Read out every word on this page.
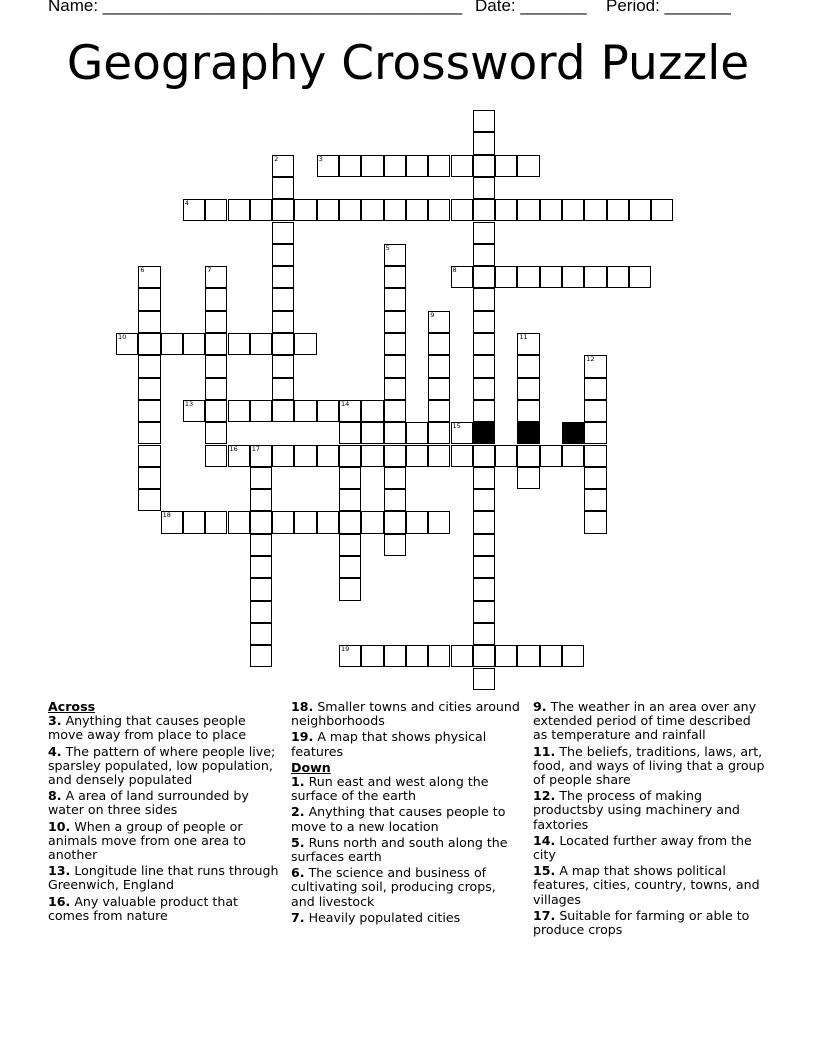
Name: ______________________________________ Date: _______ Period: _______
Geography Crossword Puzzle
3
2
4
5
6	7	8
9
10	11
12
13	14
16 17
18
19
15

Across

3. Anything that causes people move away from place to place

4. The pattern of where people live; sparsley populated, low population, and densely populated

8. A area of land surrounded by water on three sides

10. When a group of people or animals move from one area to another

13. Longitude line that runs through Greenwich, England

16. Any valuable product that comes from nature

18. Smaller towns and cities around neighborhoods

19. A map that shows physical features

Down

1. Run east and west along the surface of the earth

2. Anything that causes people to move to a new location

5. Runs north and south along the surfaces earth

6. The science and business of cultivating soil, producing crops, and livestock

7. Heavily populated cities

9. The weather in an area over any extended period of time described as temperature and rainfall

11. The beliefs, traditions, laws, art, food, and ways of living that a group of people share

12. The process of making productsby using machinery and faxtories

14. Located further away from the city

15. A map that shows political features, cities, country, towns, and villages

17. Suitable for farming or able to produce crops
